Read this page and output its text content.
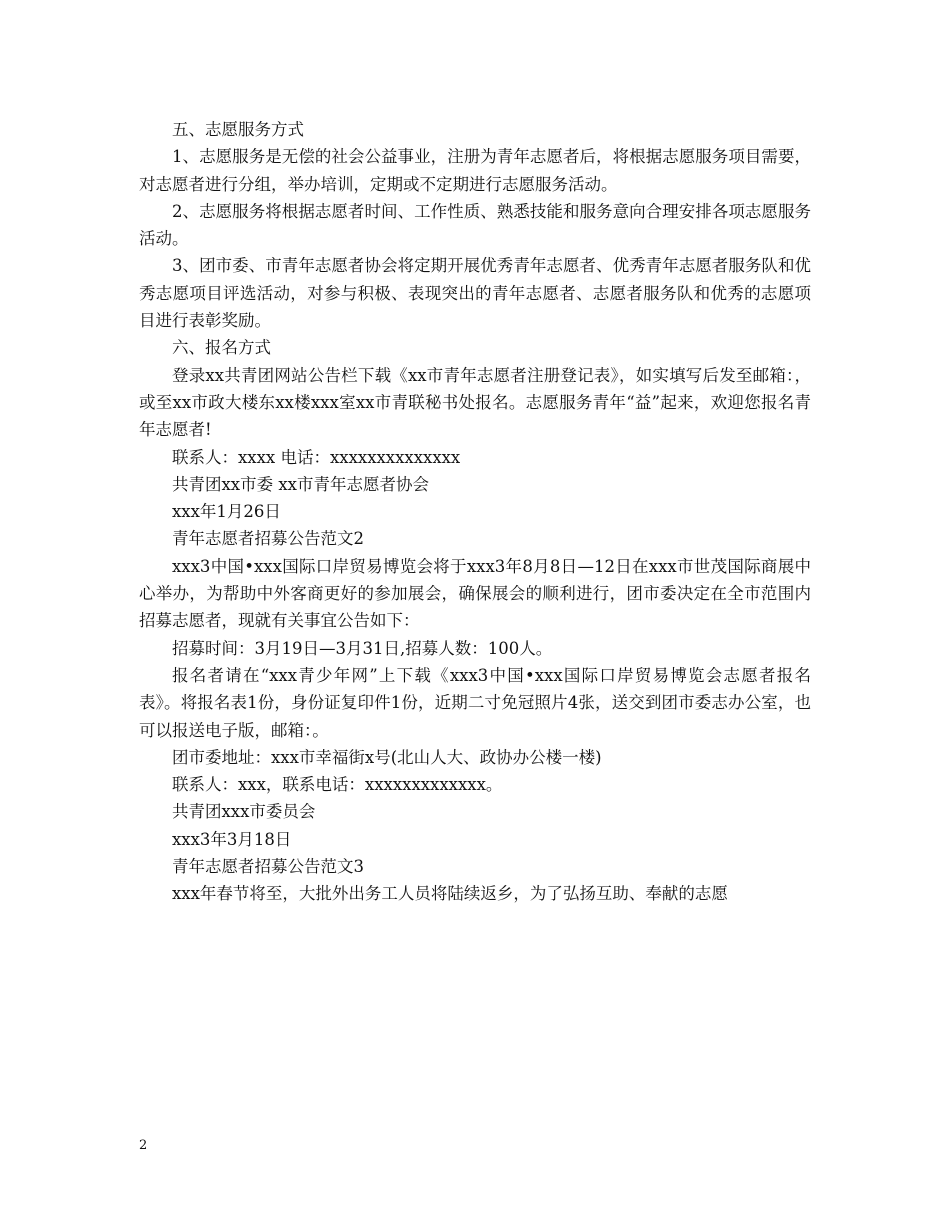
五、志愿服务方式

1、志愿服务是无偿的社会公益事业，注册为青年志愿者后，将根据志愿服务项目需要，对志愿者进行分组，举办培训，定期或不定期进行志愿服务活动。

2、志愿服务将根据志愿者时间、工作性质、熟悉技能和服务意向合理安排各项志愿服务活动。

3、团市委、市青年志愿者协会将定期开展优秀青年志愿者、优秀青年志愿者服务队和优秀志愿项目评选活动，对参与积极、表现突出的青年志愿者、志愿者服务队和优秀的志愿项目进行表彰奖励。

六、报名方式

登录xx共青团网站公告栏下载《xx市青年志愿者注册登记表》，如实填写后发至邮箱：，或至xx市政大楼东xx楼xxx室xx市青联秘书处报名。志愿服务青年“益”起来，欢迎您报名青年志愿者!

联系人：xxxx 电话：xxxxxxxxxxxxxx

共青团xx市委 xx市青年志愿者协会

xxx年1月26日

青年志愿者招募公告范文2

xxx3中国•xxx国际口岸贸易博览会将于xxx3年8月8日—12日在xxx市世茂国际商展中心举办，为帮助中外客商更好的参加展会，确保展会的顺利进行，团市委决定在全市范围内招募志愿者，现就有关事宜公告如下：

招募时间：3月19日—3月31日,招募人数：100人。

报名者请在“xxx青少年网”上下载《xxx3中国•xxx国际口岸贸易博览会志愿者报名表》。将报名表1份，身份证复印件1份，近期二寸免冠照片4张，送交到团市委志办公室，也可以报送电子版，邮箱：。

团市委地址：xxx市幸福街x号(北山人大、政协办公楼一楼)

联系人：xxx，联系电话：xxxxxxxxxxxxx。

共青团xxx市委员会

xxx3年3月18日

青年志愿者招募公告范文3

xxx年春节将至，大批外出务工人员将陆续返乡，为了弘扬互助、奉献的志愿

2
